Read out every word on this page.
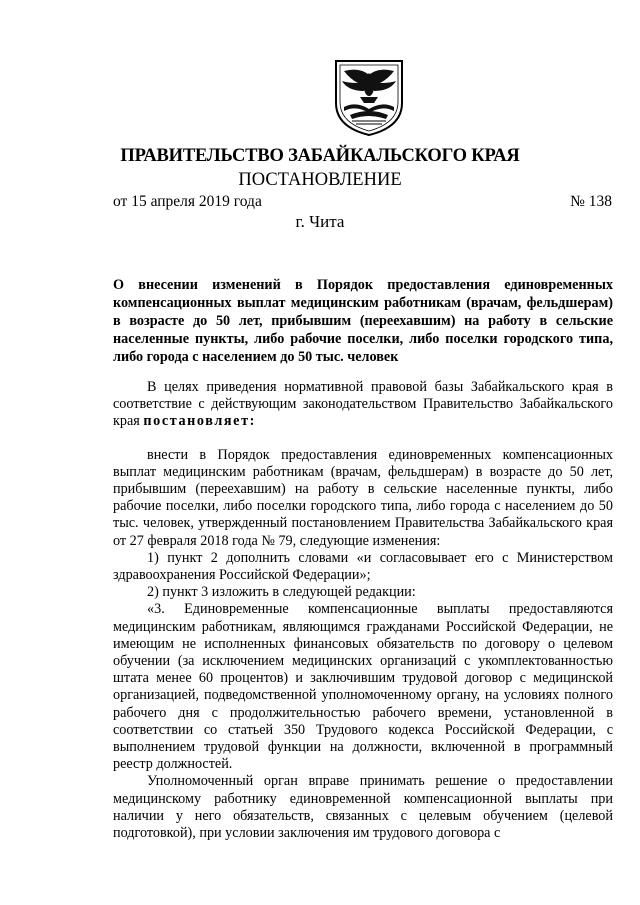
ПРАВИТЕЛЬСТВО ЗАБАЙКАЛЬСКОГО КРАЯ
ПОСТАНОВЛЕНИЕ
от 15 апреля 2019 года	№ 138
г. Чита
О внесении изменений в Порядок предоставления единовременных компенсационных выплат медицинским работникам (врачам, фельдшерам) в возрасте до 50 лет, прибывшим (переехавшим) на работу в сельские населенные пункты, либо рабочие поселки, либо поселки городского типа, либо города с населением до 50 тыс. человек

В целях приведения нормативной правовой базы Забайкальского края в соответствие с действующим законодательством Правительство Забайкальского края постановляет:

внести в Порядок предоставления единовременных компенсационных выплат медицинским работникам (врачам, фельдшерам) в возрасте до 50 лет, прибывшим (переехавшим) на работу в сельские населенные пункты, либо рабочие поселки, либо поселки городского типа, либо города с населением до 50 тыс. человек, утвержденный постановлением Правительства Забайкальского края от 27 февраля 2018 года № 79, следующие изменения:

1) пункт 2 дополнить словами «и согласовывает его с Министерством здравоохранения Российской Федерации»;

2) пункт 3 изложить в следующей редакции:

«3. Единовременные компенсационные выплаты предоставляются медицинским работникам, являющимся гражданами Российской Федерации, не имеющим не исполненных финансовых обязательств по договору о целевом обучении (за исключением медицинских организаций с укомплектованностью штата менее 60 процентов) и заключившим трудовой договор с медицинской организацией, подведомственной уполномоченному органу, на условиях полного рабочего дня с продолжительностью рабочего времени, установленной в соответствии со статьей 350 Трудового кодекса Российской Федерации, с выполнением трудовой функции на должности, включенной в программный реестр должностей.

Уполномоченный орган вправе принимать решение о предоставлении медицинскому работнику единовременной компенсационной выплаты при наличии у него обязательств, связанных с целевым обучением (целевой подготовкой), при условии заключения им трудового договора с
